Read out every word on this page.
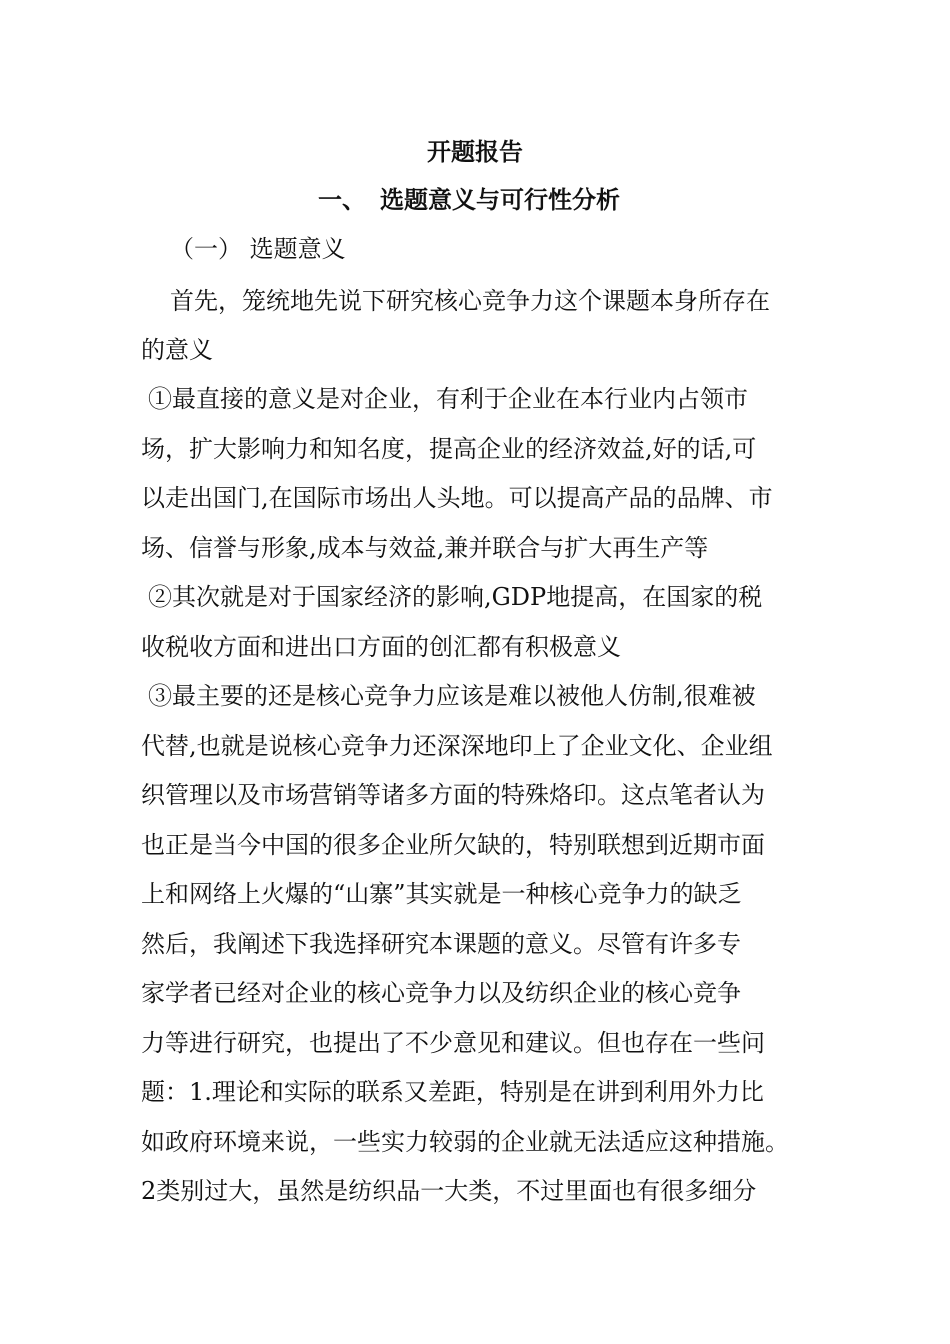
开题报告
一、 选题意义与可行性分析
（一） 选题意义
首先，笼统地先说下研究核心竞争力这个课题本身所存在
的意义
①最直接的意义是对企业，有利于企业在本行业内占领市
场，扩大影响力和知名度，提高企业的经济效益,好的话,可
以走出国门,在国际市场出人头地。可以提高产品的品牌、市
场、信誉与形象,成本与效益,兼并联合与扩大再生产等
②其次就是对于国家经济的影响,GDP地提高，在国家的税
收税收方面和进出口方面的创汇都有积极意义
③最主要的还是核心竞争力应该是难以被他人仿制,很难被
代替,也就是说核心竞争力还深深地印上了企业文化、企业组
织管理以及市场营销等诸多方面的特殊烙印。这点笔者认为
也正是当今中国的很多企业所欠缺的，特别联想到近期市面
上和网络上火爆的“山寨”其实就是一种核心竞争力的缺乏
然后，我阐述下我选择研究本课题的意义。尽管有许多专
家学者已经对企业的核心竞争力以及纺织企业的核心竞争
力等进行研究，也提出了不少意见和建议。但也存在一些问
题：1.理论和实际的联系又差距，特别是在讲到利用外力比
如政府环境来说，一些实力较弱的企业就无法适应这种措施。
2类别过大，虽然是纺织品一大类，不过里面也有很多细分
